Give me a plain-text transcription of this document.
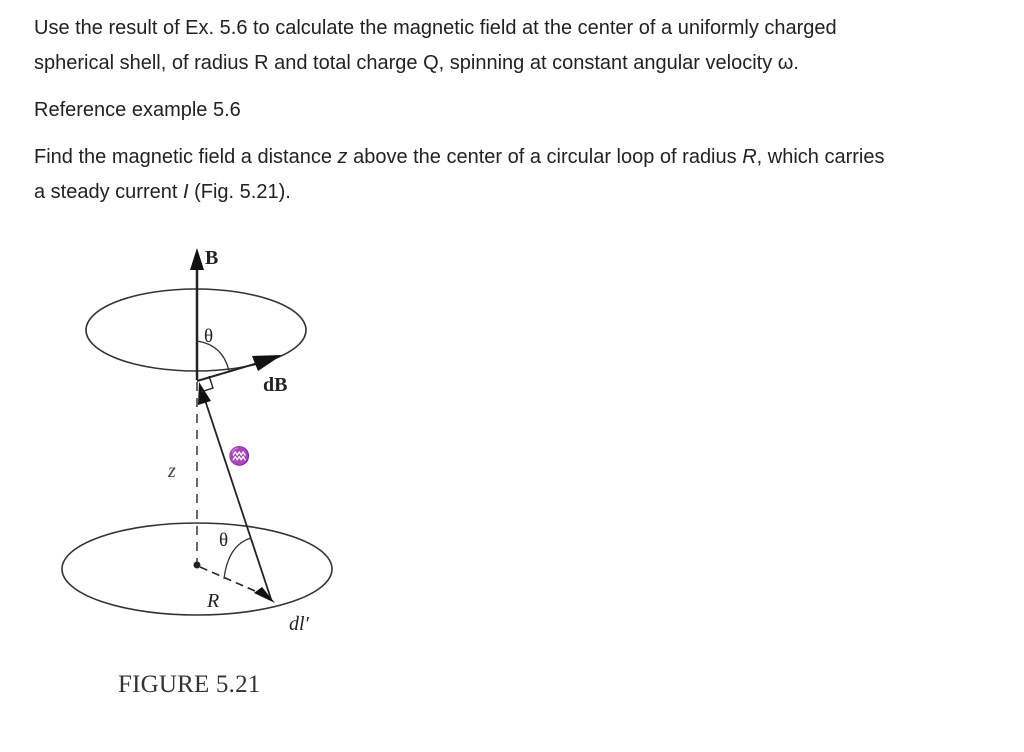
Use the result of Ex. 5.6 to calculate the magnetic field at the center of a uniformly charged
spherical shell, of radius R and total charge Q, spinning at constant angular velocity ω.

Reference example 5.6

Find the magnetic field a distance z above the center of a circular loop of radius R, which carries
a steady current I (Fig. 5.21).

B
θ
dB
♒
z
θ
R
dl′
FIGURE 5.21
